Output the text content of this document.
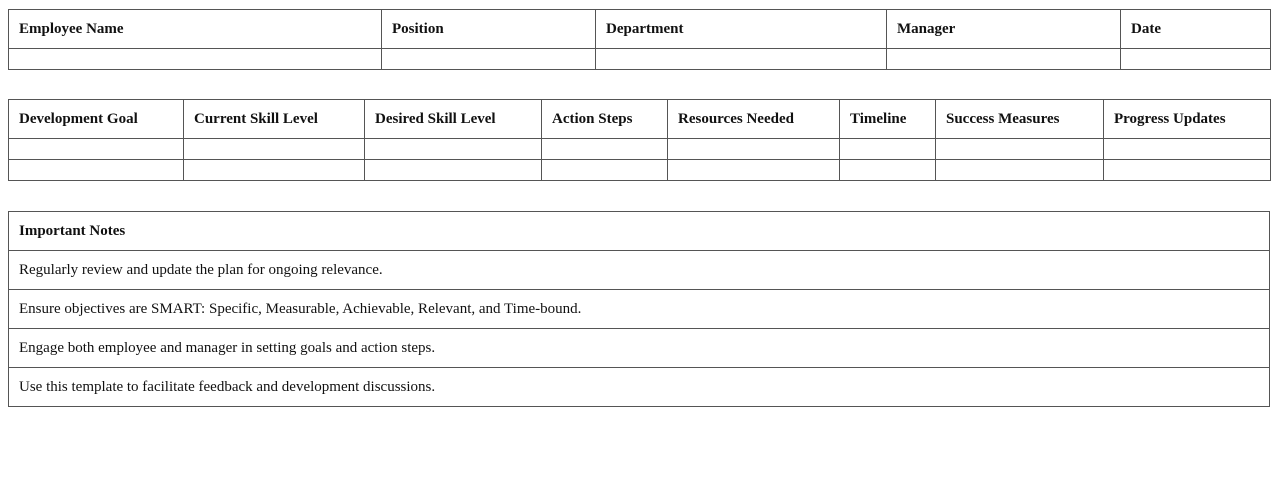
Employee Name	Position	Department	Manager	Date

Development Goal	Current Skill Level	Desired Skill Level	Action Steps	Resources Needed	Timeline	Success Measures	Progress Updates

Important Notes
Regularly review and update the plan for ongoing relevance.
Ensure objectives are SMART: Specific, Measurable, Achievable, Relevant, and Time-bound.
Engage both employee and manager in setting goals and action steps.
Use this template to facilitate feedback and development discussions.
